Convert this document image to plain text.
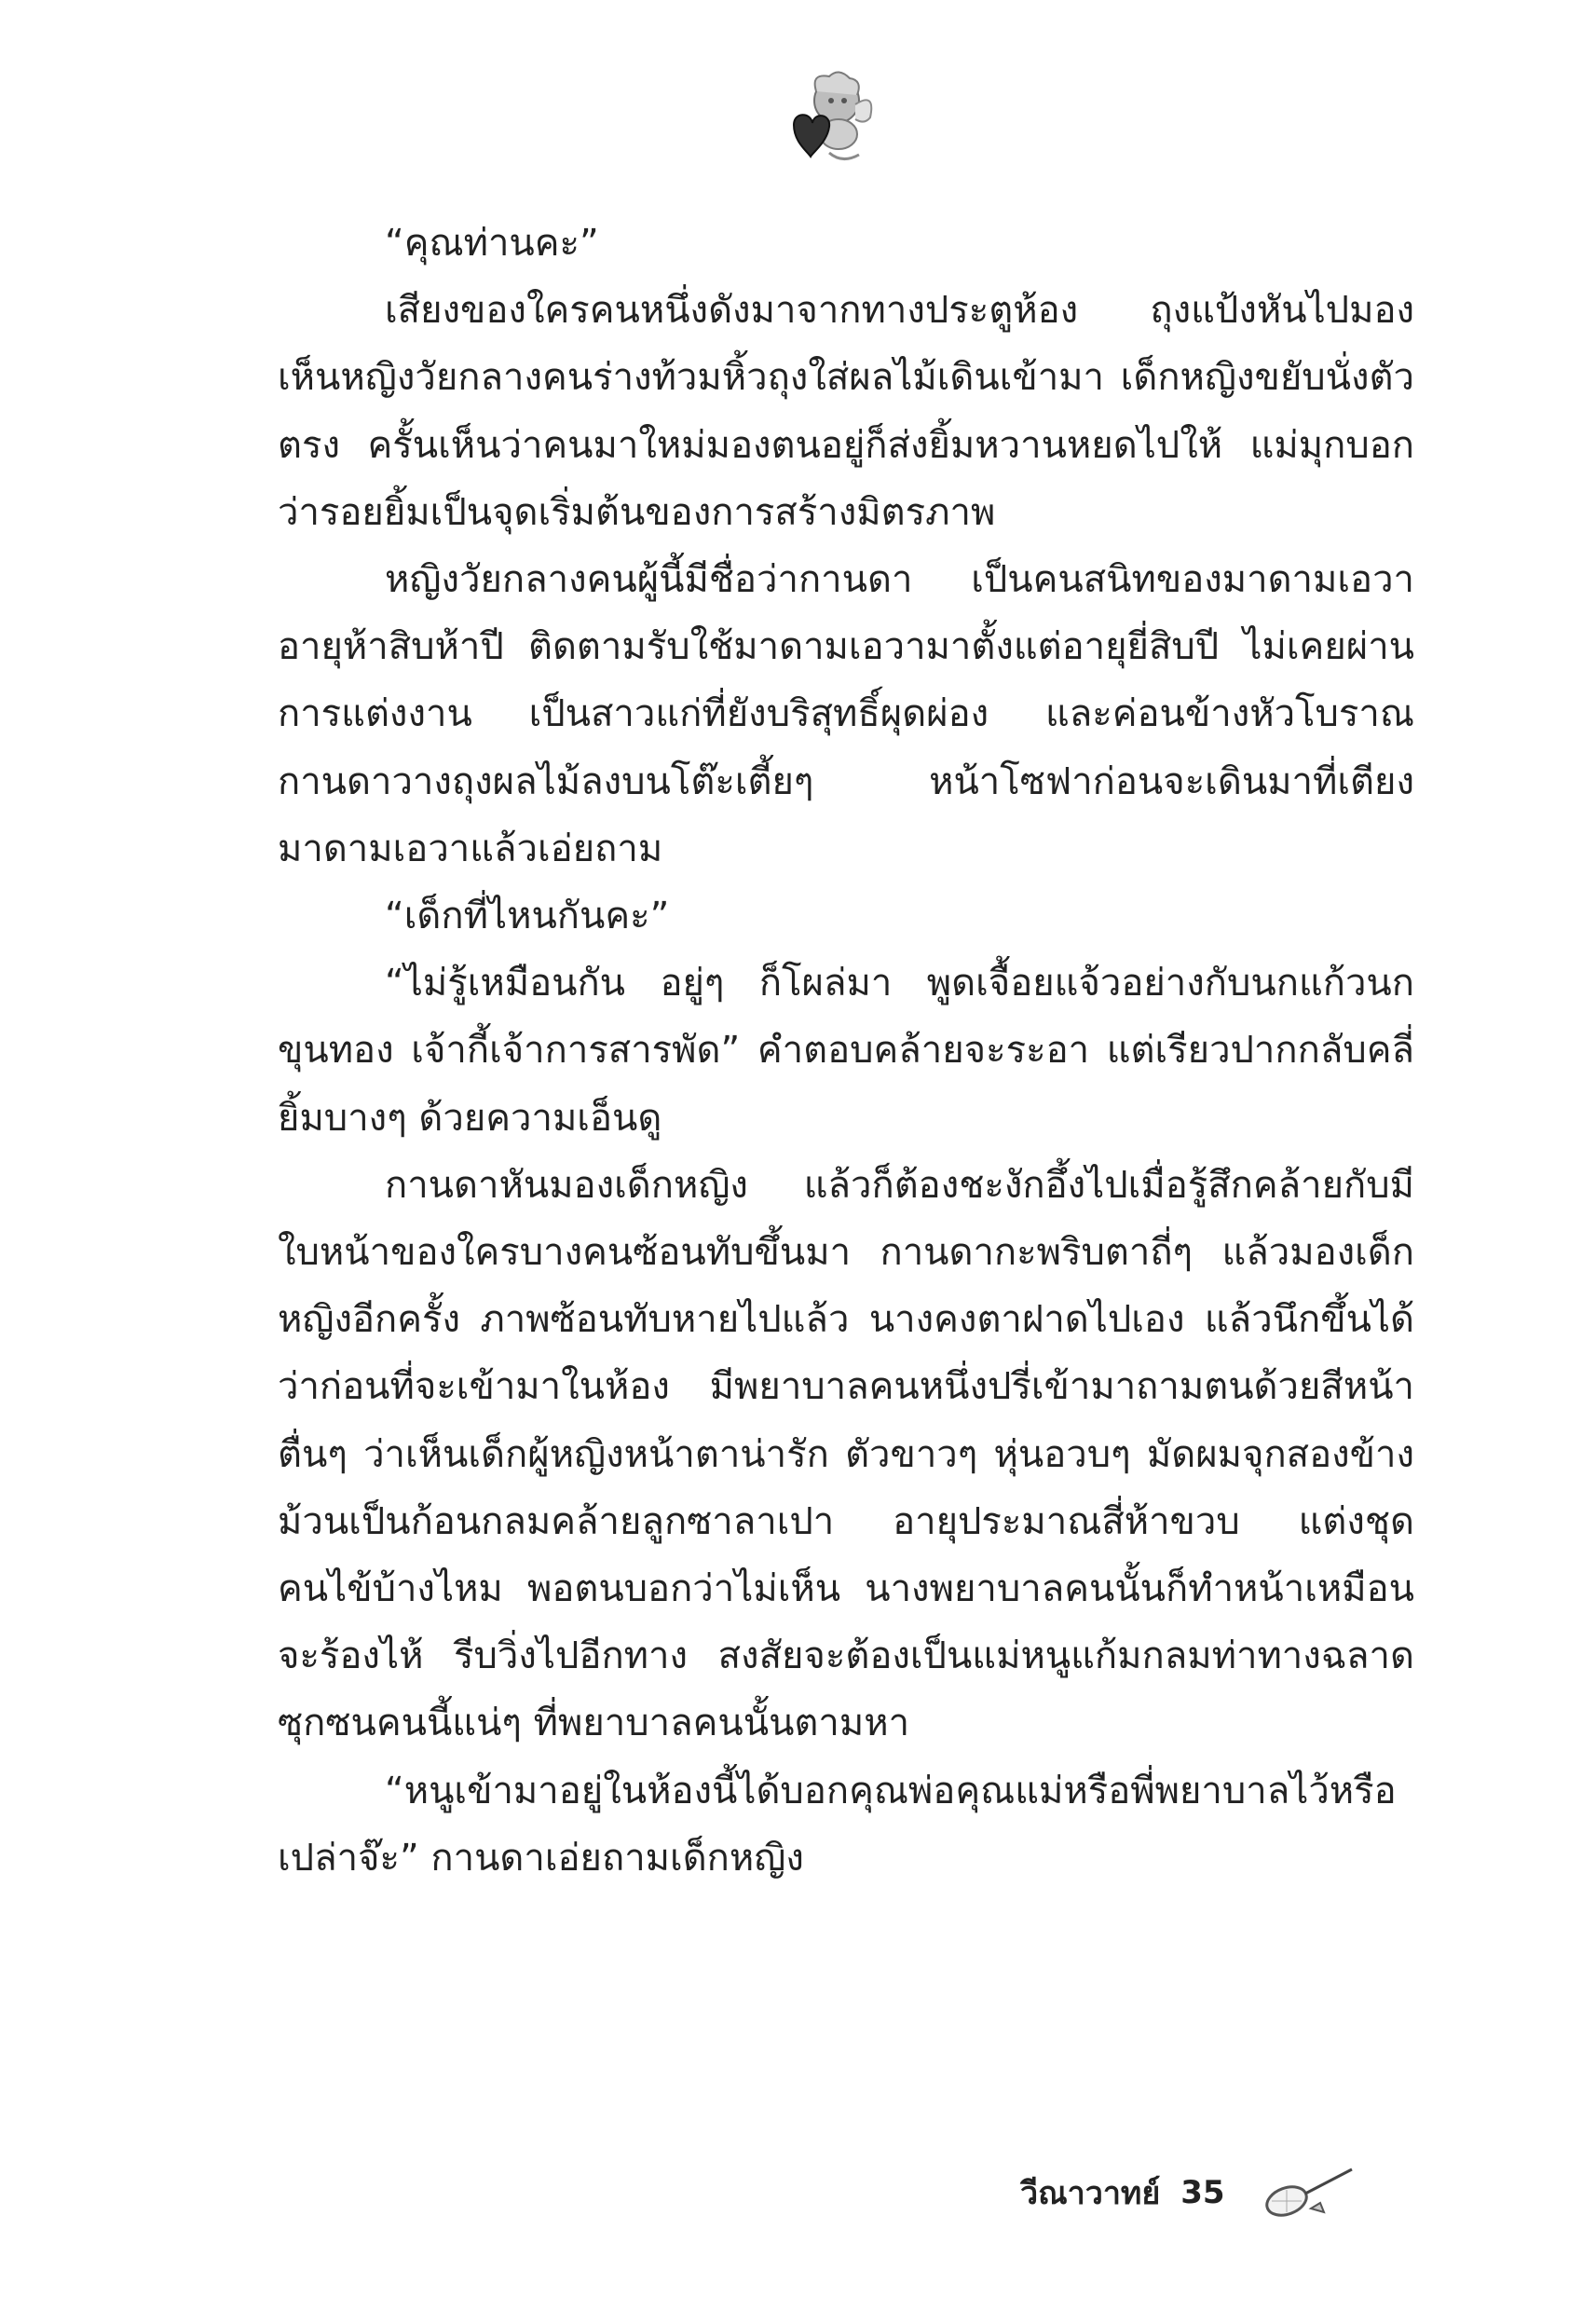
“คุณท่านคะ”

เสียงของใครคนหนึ่งดังมาจากทางประตูห้อง ถุงแป้งหันไปมอง เห็นหญิงวัยกลางคนร่างท้วมหิ้วถุงใส่ผลไม้เดินเข้ามา เด็กหญิงขยับนั่งตัวตรง ครั้นเห็นว่าคนมาใหม่มองตนอยู่ก็ส่งยิ้มหวานหยดไปให้ แม่มุกบอกว่ารอยยิ้มเป็นจุดเริ่มต้นของการสร้างมิตรภาพ

หญิงวัยกลางคนผู้นี้มีชื่อว่ากานดา เป็นคนสนิทของมาดามเอวา อายุห้าสิบห้าปี ติดตามรับใช้มาดามเอวามาตั้งแต่อายุยี่สิบปี ไม่เคยผ่านการแต่งงาน เป็นสาวแก่ที่ยังบริสุทธิ์ผุดผ่อง และค่อนข้างหัวโบราณ กานดาวางถุงผลไม้ลงบนโต๊ะเตี้ยๆ หน้าโซฟาก่อนจะเดินมาที่เตียงมาดามเอวาแล้วเอ่ยถาม

“เด็กที่ไหนกันคะ”

“ไม่รู้เหมือนกัน อยู่ๆ ก็โผล่มา พูดเจื้อยแจ้วอย่างกับนกแก้วนกขุนทอง เจ้ากี้เจ้าการสารพัด” คำตอบคล้ายจะระอา แต่เรียวปากกลับคลี่ยิ้มบางๆ ด้วยความเอ็นดู

กานดาหันมองเด็กหญิง แล้วก็ต้องชะงักอึ้งไปเมื่อรู้สึกคล้ายกับมีใบหน้าของใครบางคนซ้อนทับขึ้นมา กานดากะพริบตาถี่ๆ แล้วมองเด็กหญิงอีกครั้ง ภาพซ้อนทับหายไปแล้ว นางคงตาฝาดไปเอง แล้วนึกขึ้นได้ว่าก่อนที่จะเข้ามาในห้อง มีพยาบาลคนหนึ่งปรี่เข้ามาถามตนด้วยสีหน้าตื่นๆ ว่าเห็นเด็กผู้หญิงหน้าตาน่ารัก ตัวขาวๆ หุ่นอวบๆ มัดผมจุกสองข้างม้วนเป็นก้อนกลมคล้ายลูกซาลาเปา อายุประมาณสี่ห้าขวบ แต่งชุดคนไข้บ้างไหม พอตนบอกว่าไม่เห็น นางพยาบาลคนนั้นก็ทำหน้าเหมือนจะร้องไห้ รีบวิ่งไปอีกทาง สงสัยจะต้องเป็นแม่หนูแก้มกลมท่าทางฉลาดซุกซนคนนี้แน่ๆ ที่พยาบาลคนนั้นตามหา

“หนูเข้ามาอยู่ในห้องนี้ได้บอกคุณพ่อคุณแม่หรือพี่พยาบาลไว้หรือเปล่าจ๊ะ” กานดาเอ่ยถามเด็กหญิง

วีณาวาทย์ 35
